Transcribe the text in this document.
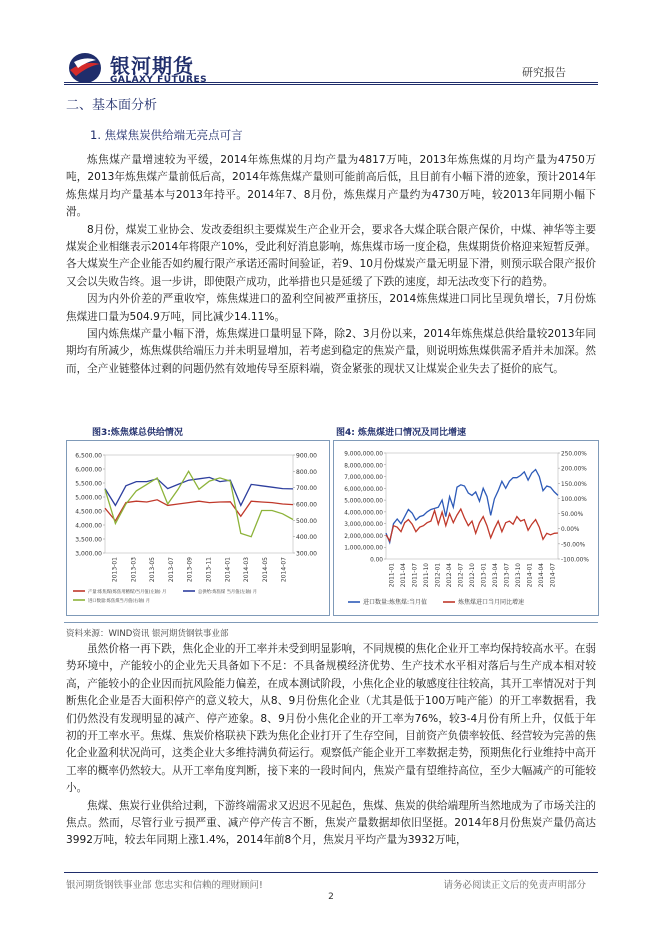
银河期货
GALAXY FUTURES
研究报告
二、基本面分析
1. 焦煤焦炭供给端无亮点可言

炼焦煤产量增速较为平缓，2014年炼焦煤的月均产量为4817万吨，2013年炼焦煤的月均产量为4750万吨，2013年炼焦煤产量前低后高，2014年炼焦煤产量则可能前高后低，且目前有小幅下滑的迹象，预计2014年炼焦煤月均产量基本与2013年持平。2014年7、8月份，炼焦煤月产量约为4730万吨，较2013年同期小幅下滑。

8月份，煤炭工业协会、发改委组织主要煤炭生产企业开会，要求各大煤企联合限产保价，中煤、神华等主要煤炭企业相继表示2014年将限产10%，受此利好消息影响，炼焦煤市场一度企稳，焦煤期货价格迎来短暂反弹。各大煤炭生产企业能否如约履行限产承诺还需时间验证，若9、10月份煤炭产量无明显下滑，则预示联合限产报价又会以失败告终。退一步讲，即使限产成功，此举措也只是延缓了下跌的速度，却无法改变下行的趋势。

因为内外价差的严重收窄，炼焦煤进口的盈利空间被严重挤压，2014炼焦煤进口同比呈现负增长，7月份炼焦煤进口量为504.9万吨，同比减少14.11%。

国内炼焦煤产量小幅下滑，炼焦煤进口量明显下降，除2、3月份以来，2014年炼焦煤总供给量较2013年同期均有所减少，炼焦煤供给端压力并未明显增加，若考虑到稳定的焦炭产量，则说明炼焦煤供需矛盾并未加深。然而，全产业链整体过剩的问题仍然有效地传导至原料端，资金紧张的现状又让煤炭企业失去了挺价的底气。

图3:炼焦煤总供给情况	图4: 炼焦煤进口情况及同比增速
3,000.00
3,500.00
4,000.00
4,500.00
5,000.00
5,500.00
6,000.00
6,500.00
300.00
400.00
500.00
600.00
700.00
800.00
900.00
2013-01 2013-03 2013-05 2013-07 2013-09 2013-11 2014-01 2014-03 2014-05 2014-07
产量:炼焦煤(炼焦用精煤)当月值(左轴) 月	总供给:炼焦煤 当月值(左轴) 月
进口数量:炼焦煤当月值(右轴) 月
0.00
1,000,000.00
2,000,000.00
3,000,000.00
4,000,000.00
5,000,000.00
6,000,000.00
7,000,000.00
8,000,000.00
9,000,000.00
-100.00%
-50.00%
0.00%
50.00%
100.00%
150.00%
200.00%
250.00%
2011-01 2011-04 2011-07 2011-10 2012-01 2012-04 2012-07 2012-10 2013-01 2013-04 2013-07 2013-10 2014-01 2014-04 2014-07
进口数量:炼焦煤:当月值	炼焦煤进口当月同比增速
资料来源：WIND资讯 银河期货钢铁事业部

虽然价格一再下跌，焦化企业的开工率并未受到明显影响，不同规模的焦化企业开工率均保持较高水平。在弱势环境中，产能较小的企业先天具备如下不足：不具备规模经济优势、生产技术水平相对落后与生产成本相对较高，产能较小的企业因而抗风险能力偏差，在成本测试阶段，小焦化企业的敏感度往往较高，其开工率情况对于判断焦化企业是否大面积停产的意义较大，从8、9月份焦化企业（尤其是低于100万吨产能）的开工率数据看，我们仍然没有发现明显的减产、停产迹象。8、9月份小焦化企业的开工率为76%，较3-4月份有所上升，仅低于年初的开工率水平。焦煤、焦炭价格联袂下跌为焦化企业打开了生存空间，目前资产负债率较低、经营较为完善的焦化企业盈利状况尚可，这类企业大多维持满负荷运行。观察低产能企业开工率数据走势，预期焦化行业维持中高开工率的概率仍然较大。从开工率角度判断，接下来的一段时间内，焦炭产量有望维持高位，至少大幅减产的可能较小。

焦煤、焦炭行业供给过剩，下游终端需求又迟迟不见起色，焦煤、焦炭的供给端理所当然地成为了市场关注的焦点。然而，尽管行业亏损严重、减产停产传言不断，焦炭产量数据却依旧坚挺。2014年8月份焦炭产量仍高达3992万吨，较去年同期上涨1.4%，2014年前8个月，焦炭月平均产量为3932万吨，

银河期货钢铁事业部 您忠实和信赖的理财顾问!	请务必阅读正文后的免责声明部分
2
